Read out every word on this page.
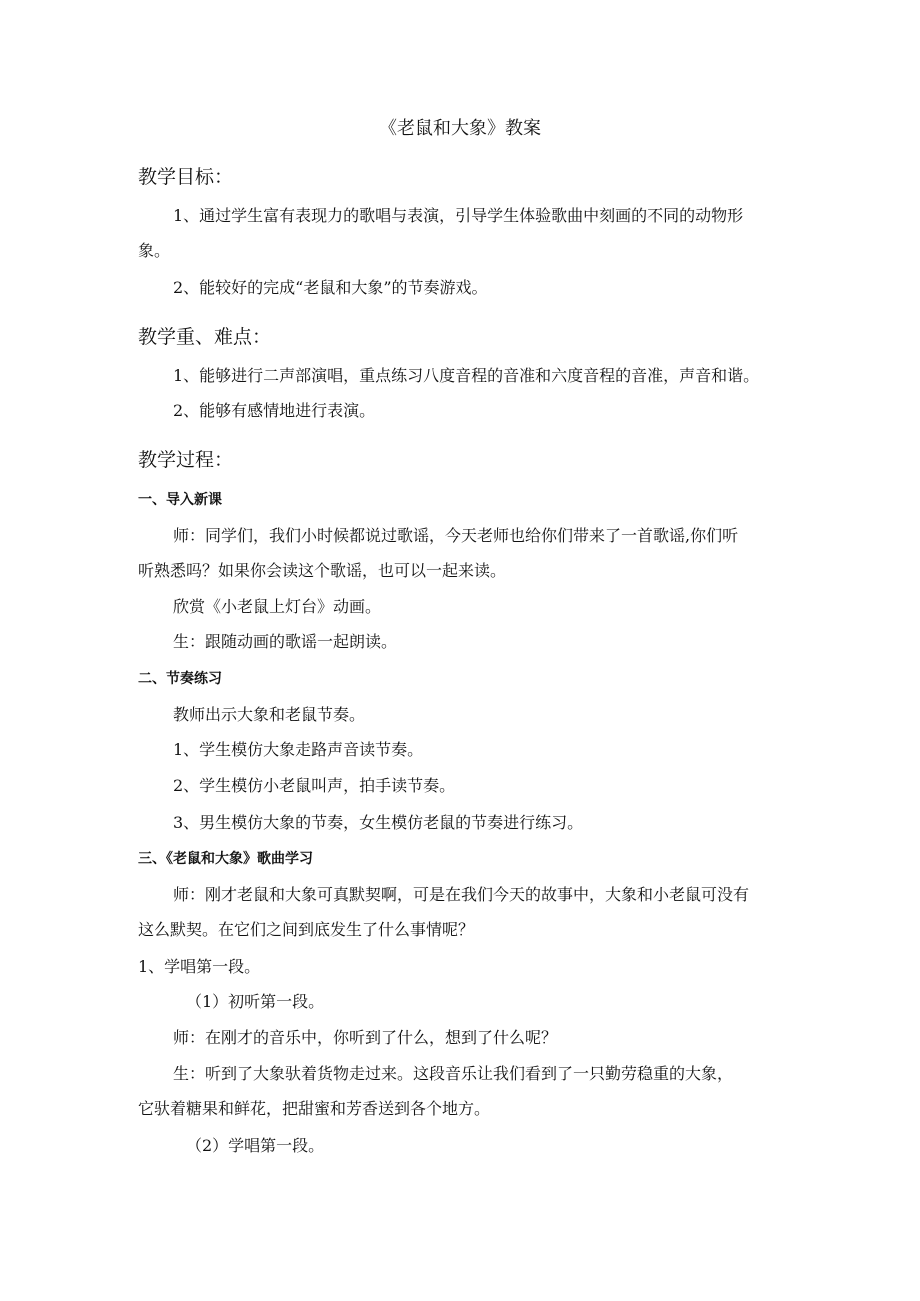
《老鼠和大象》教案
教学目标：
1、通过学生富有表现力的歌唱与表演，引导学生体验歌曲中刻画的不同的动物形
象。
2、能较好的完成“老鼠和大象”的节奏游戏。
教学重、难点：
1、能够进行二声部演唱，重点练习八度音程的音准和六度音程的音准，声音和谐。
2、能够有感情地进行表演。
教学过程：
一、导入新课
师：同学们，我们小时候都说过歌谣，今天老师也给你们带来了一首歌谣,你们听
听熟悉吗？如果你会读这个歌谣，也可以一起来读。
欣赏《小老鼠上灯台》动画。
生：跟随动画的歌谣一起朗读。
二、节奏练习
教师出示大象和老鼠节奏。
1、学生模仿大象走路声音读节奏。
2、学生模仿小老鼠叫声，拍手读节奏。
3、男生模仿大象的节奏，女生模仿老鼠的节奏进行练习。
三、《老鼠和大象》歌曲学习
师：刚才老鼠和大象可真默契啊，可是在我们今天的故事中，大象和小老鼠可没有
这么默契。在它们之间到底发生了什么事情呢？
1、学唱第一段。
（1）初听第一段。
师：在刚才的音乐中，你听到了什么，想到了什么呢？
生：听到了大象驮着货物走过来。这段音乐让我们看到了一只勤劳稳重的大象，
它驮着糖果和鲜花，把甜蜜和芳香送到各个地方。
（2）学唱第一段。
